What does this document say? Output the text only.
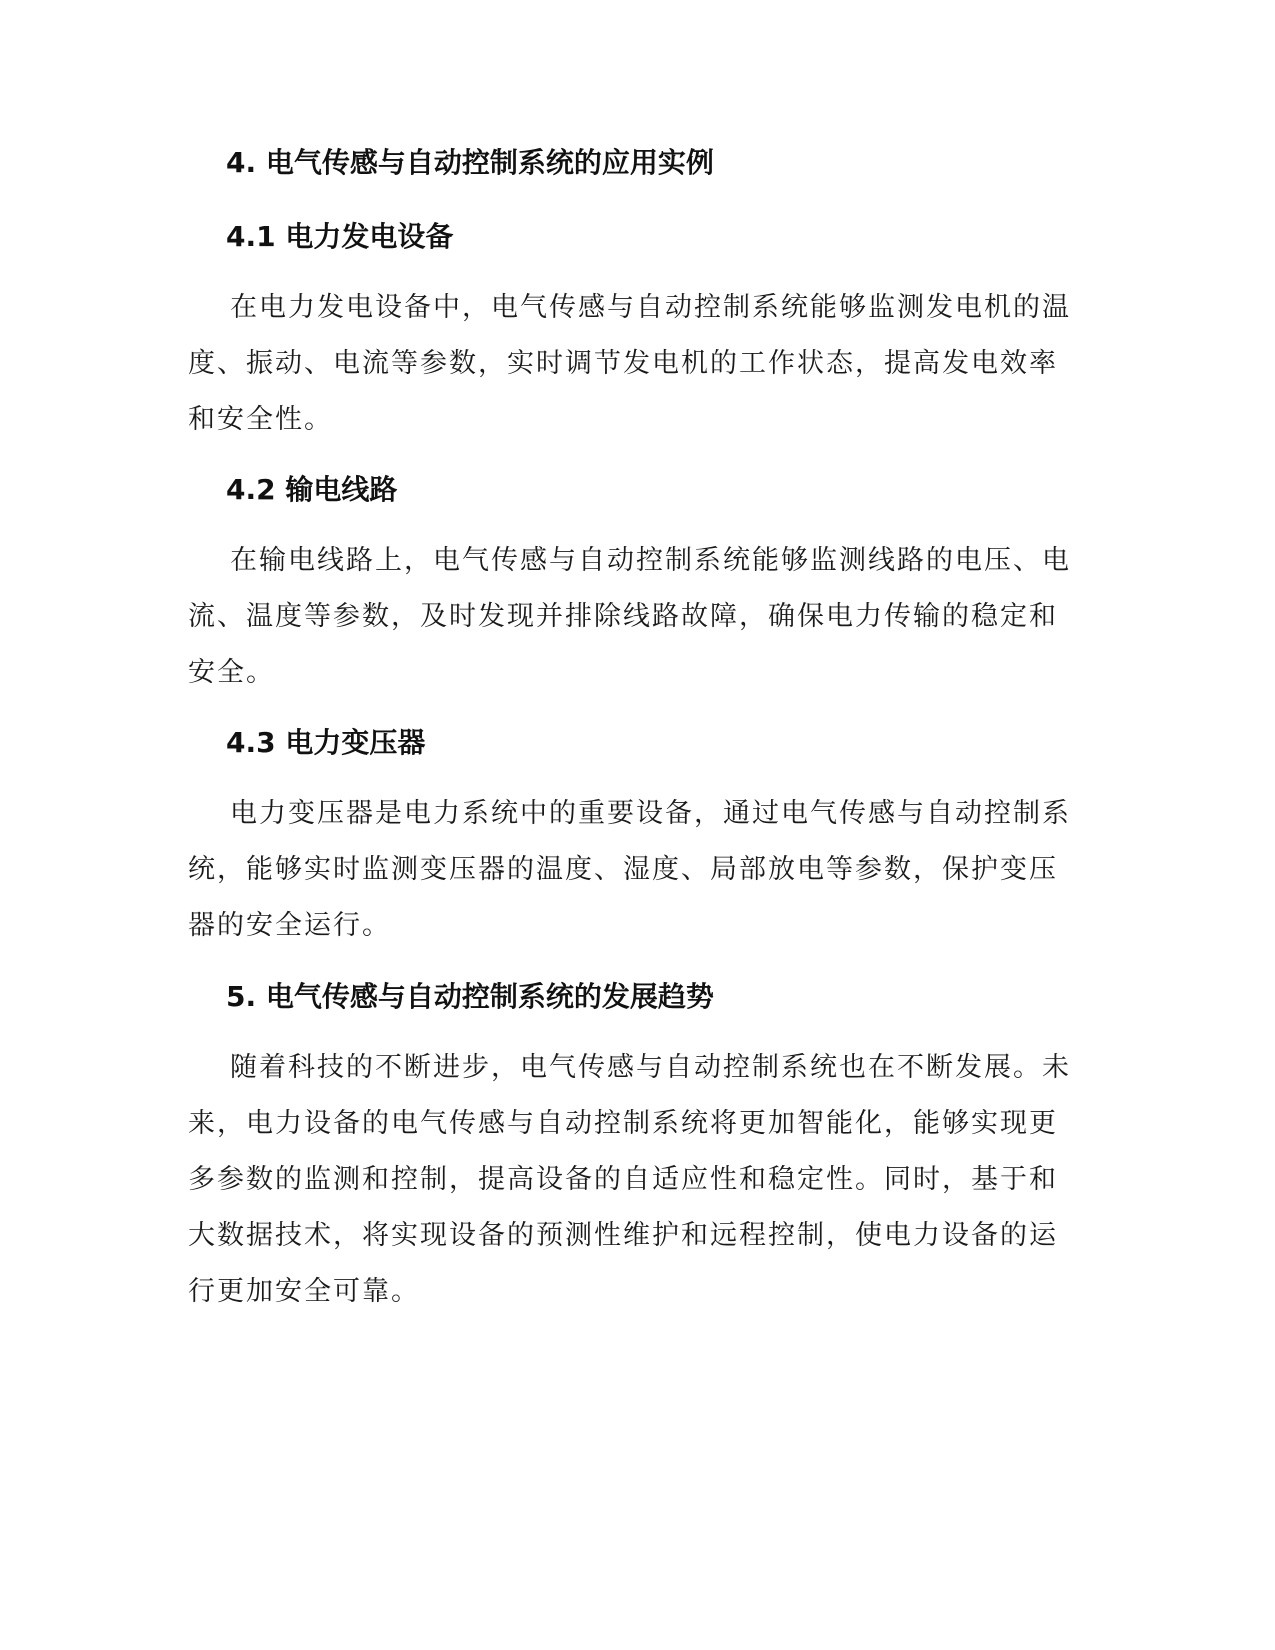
4. 电气传感与自动控制系统的应用实例
4.1 电力发电设备
在电力发电设备中，电气传感与自动控制系统能够监测发电机的温
度、振动、电流等参数，实时调节发电机的工作状态，提高发电效率
和安全性。
4.2 输电线路
在输电线路上，电气传感与自动控制系统能够监测线路的电压、电
流、温度等参数，及时发现并排除线路故障，确保电力传输的稳定和
安全。
4.3 电力变压器
电力变压器是电力系统中的重要设备，通过电气传感与自动控制系
统，能够实时监测变压器的温度、湿度、局部放电等参数，保护变压
器的安全运行。
5. 电气传感与自动控制系统的发展趋势
随着科技的不断进步，电气传感与自动控制系统也在不断发展。未
来，电力设备的电气传感与自动控制系统将更加智能化，能够实现更
多参数的监测和控制，提高设备的自适应性和稳定性。同时，基于和
大数据技术，将实现设备的预测性维护和远程控制，使电力设备的运
行更加安全可靠。
